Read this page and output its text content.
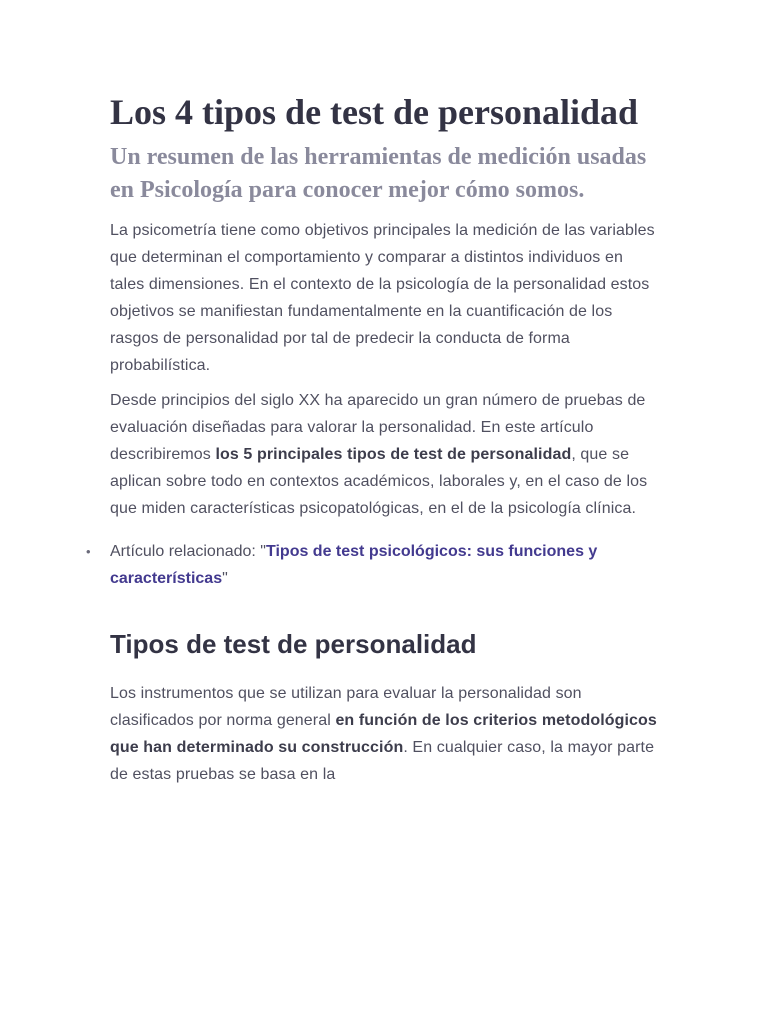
Los 4 tipos de test de personalidad
Un resumen de las herramientas de medición usadas en Psicología para conocer mejor cómo somos.

La psicometría tiene como objetivos principales la medición de las variables que determinan el comportamiento y comparar a distintos individuos en tales dimensiones. En el contexto de la psicología de la personalidad estos objetivos se manifiestan fundamentalmente en la cuantificación de los rasgos de personalidad por tal de predecir la conducta de forma probabilística.

Desde principios del siglo XX ha aparecido un gran número de pruebas de evaluación diseñadas para valorar la personalidad. En este artículo describiremos los 5 principales tipos de test de personalidad, que se aplican sobre todo en contextos académicos, laborales y, en el caso de los que miden características psicopatológicas, en el de la psicología clínica.

• Artículo relacionado: "Tipos de test psicológicos: sus funciones y características"
Tipos de test de personalidad

Los instrumentos que se utilizan para evaluar la personalidad son clasificados por norma general en función de los criterios metodológicos que han determinado su construcción. En cualquier caso, la mayor parte de estas pruebas se basa en la
